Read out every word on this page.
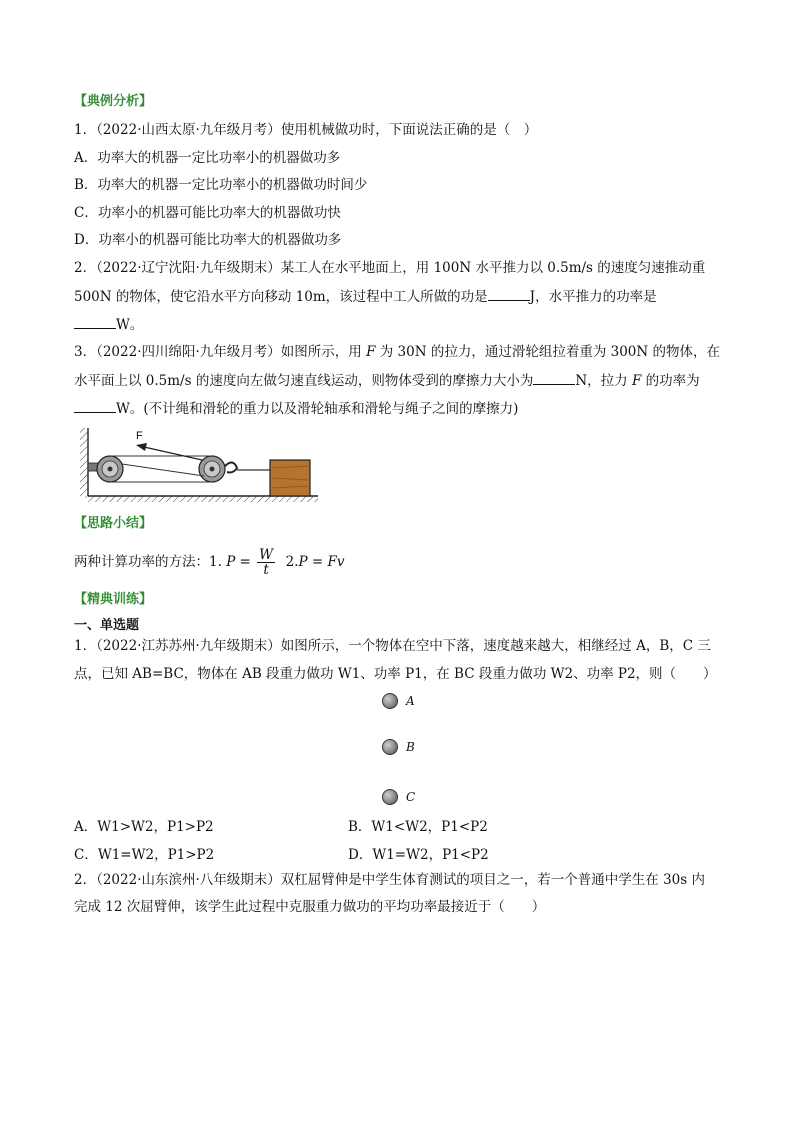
【典例分析】
1．（2022·山西太原·九年级月考）使用机械做功时，下面说法正确的是（　）
A．功率大的机器一定比功率小的机器做功多
B．功率大的机器一定比功率小的机器做功时间少
C．功率小的机器可能比功率大的机器做功快
D．功率小的机器可能比功率大的机器做功多
2．（2022·辽宁沈阳·九年级期末）某工人在水平地面上，用 100N 水平推力以 0.5m/s 的速度匀速推动重
500N 的物体，使它沿水平方向移动 10m，该过程中工人所做的功是	J，水平推力的功率是
W。
3．（2022·四川绵阳·九年级月考）如图所示，用 F 为 30N 的拉力，通过滑轮组拉着重为 300N 的物体，在
水平面上以 0.5m/s 的速度向左做匀速直线运动，则物体受到的摩擦力大小为	N，拉力 F 的功率为
W。(不计绳和滑轮的重力以及滑轮轴承和滑轮与绳子之间的摩擦力)
F
【思路小结】
两种计算功率的方法：1. $P = \frac{W}{t} 2.P = Fv$
【精典训练】
一、单选题
1．（2022·江苏苏州·九年级期末）如图所示，一个物体在空中下落，速度越来越大，相继经过 A，B，C 三
点，已知 AB=BC，物体在 AB 段重力做功 W1、功率 P1，在 BC 段重力做功 W2、功率 P2，则（　　）
A
B
C
A．W1>W2，P1>P2	B．W1<W2，P1<P2
C．W1=W2，P1>P2	D．W1=W2，P1<P2
2．（2022·山东滨州·八年级期末）双杠屈臂伸是中学生体育测试的项目之一，若一个普通中学生在 30s 内
完成 12 次屈臂伸，该学生此过程中克服重力做功的平均功率最接近于（　　）
